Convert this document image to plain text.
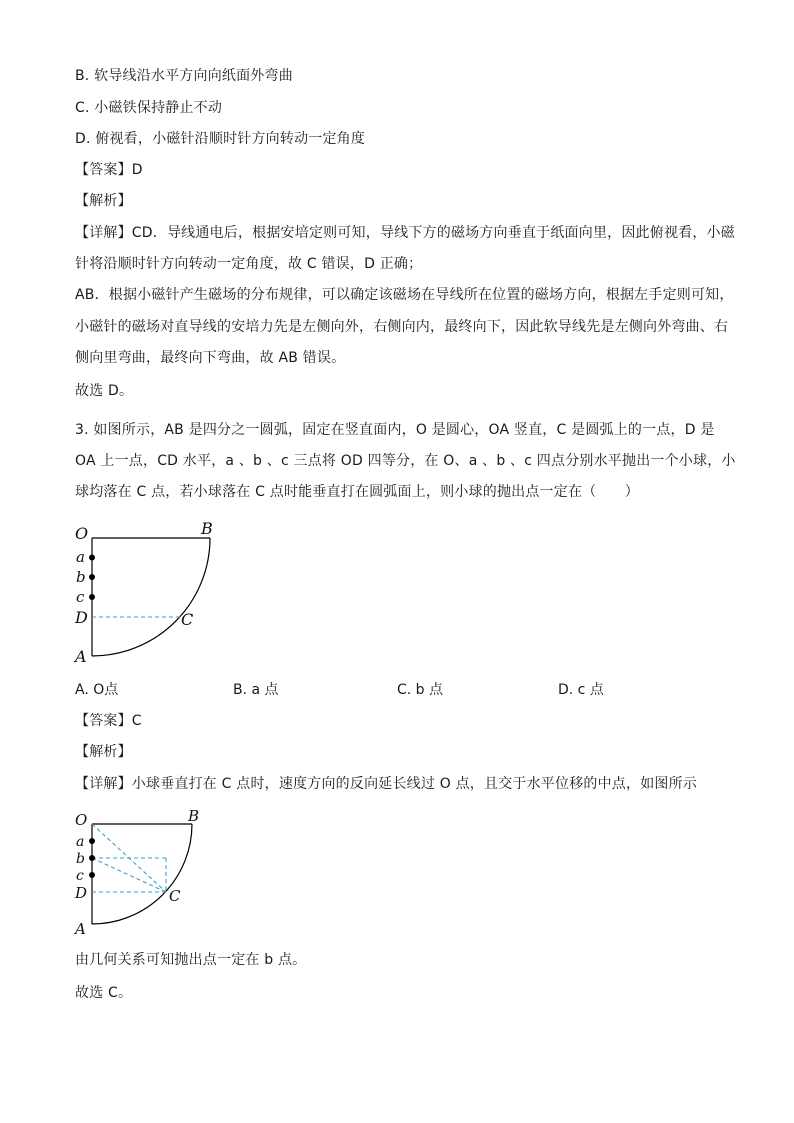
B. 软导线沿水平方向向纸面外弯曲
C. 小磁铁保持静止不动
D. 俯视看，小磁针沿顺时针方向转动一定角度
【答案】D
【解析】
【详解】CD．导线通电后，根据安培定则可知，导线下方的磁场方向垂直于纸面向里，因此俯视看，小磁
针将沿顺时针方向转动一定角度，故 C 错误，D 正确；
AB．根据小磁针产生磁场的分布规律，可以确定该磁场在导线所在位置的磁场方向，根据左手定则可知，
小磁针的磁场对直导线的安培力先是左侧向外，右侧向内，最终向下，因此软导线先是左侧向外弯曲、右
侧向里弯曲，最终向下弯曲，故 AB 错误。
故选 D。
3. 如图所示，AB 是四分之一圆弧，固定在竖直面内，O 是圆心，OA 竖直，C 是圆弧上的一点，D 是
OA 上一点，CD 水平，a 、b 、c 三点将 OD 四等分，在 O、a 、b 、c 四点分别水平抛出一个小球，小
球均落在 C 点，若小球落在 C 点时能垂直打在圆弧面上，则小球的抛出点一定在（　　）
O	B
a
b
c
D	C
A
A. O点	B. a 点	C. b 点	D. c 点
【答案】C
【解析】
【详解】小球垂直打在 C 点时，速度方向的反向延长线过 O 点，且交于水平位移的中点，如图所示
O	B
a
b
c
D	C
A
由几何关系可知抛出点一定在 b 点。
故选 C。
